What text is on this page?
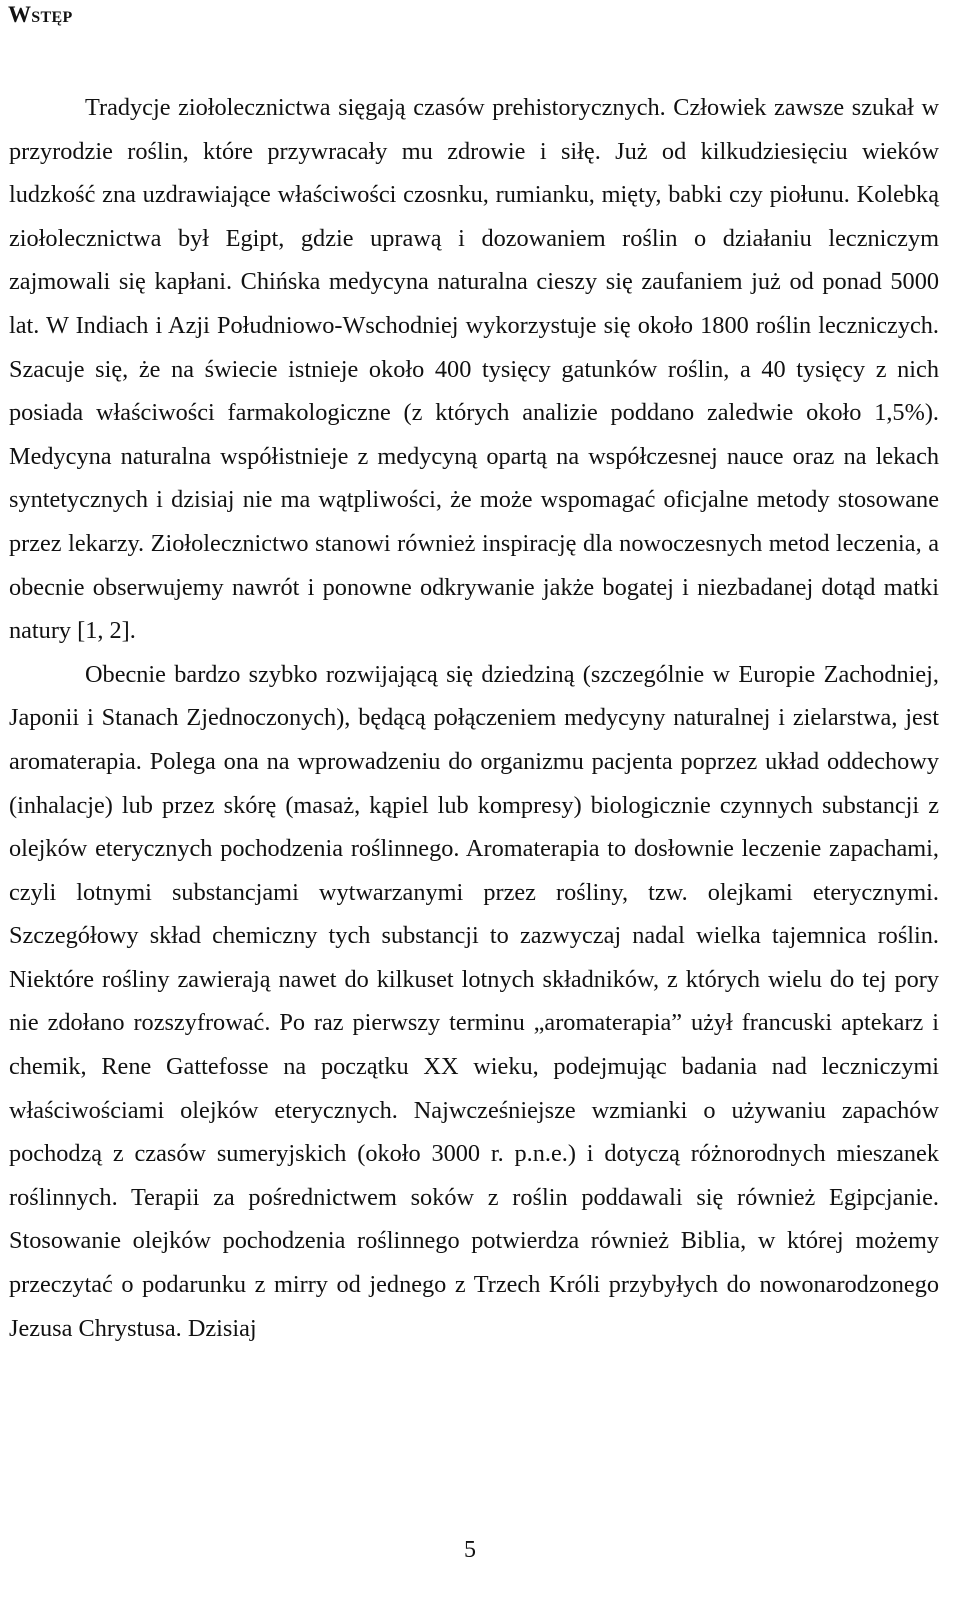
Wstęp

Tradycje ziołolecznictwa sięgają czasów prehistorycznych. Człowiek zawsze szukał w przyrodzie roślin, które przywracały mu zdrowie i siłę. Już od kilkudziesięciu wieków ludzkość zna uzdrawiające właściwości czosnku, rumianku, mięty, babki czy piołunu. Kolebką ziołolecznictwa był Egipt, gdzie uprawą i dozowaniem roślin o działaniu leczniczym zajmowali się kapłani. Chińska medycyna naturalna cieszy się zaufaniem już od ponad 5000 lat. W Indiach i Azji Południowo-Wschodniej wykorzystuje się około 1800 roślin leczniczych. Szacuje się, że na świecie istnieje około 400 tysięcy gatunków roślin, a 40 tysięcy z nich posiada właściwości farmakologiczne (z których analizie poddano zaledwie około 1,5%). Medycyna naturalna współistnieje z medycyną opartą na współczesnej nauce oraz na lekach syntetycznych i dzisiaj nie ma wątpliwości, że może wspomagać oficjalne metody stosowane przez lekarzy. Ziołolecznictwo stanowi również inspirację dla nowoczesnych metod leczenia, a obecnie obserwujemy nawrót i ponowne odkrywanie jakże bogatej i niezbadanej dotąd matki natury [1, 2].

Obecnie bardzo szybko rozwijającą się dziedziną (szczególnie w Europie Zachodniej, Japonii i Stanach Zjednoczonych), będącą połączeniem medycyny naturalnej i zielarstwa, jest aromaterapia. Polega ona na wprowadzeniu do organizmu pacjenta poprzez układ oddechowy (inhalacje) lub przez skórę (masaż, kąpiel lub kompresy) biologicznie czynnych substancji z olejków eterycznych pochodzenia roślinnego. Aromaterapia to dosłownie leczenie zapachami, czyli lotnymi substancjami wytwarzanymi przez rośliny, tzw. olejkami eterycznymi. Szczegółowy skład chemiczny tych substancji to zazwyczaj nadal wielka tajemnica roślin. Niektóre rośliny zawierają nawet do kilkuset lotnych składników, z których wielu do tej pory nie zdołano rozszyfrować. Po raz pierwszy terminu „aromaterapia” użył francuski aptekarz i chemik, Rene Gattefosse na początku XX wieku, podejmując badania nad leczniczymi właściwościami olejków eterycznych. Najwcześniejsze wzmianki o używaniu zapachów pochodzą z czasów sumeryjskich (około 3000 r. p.n.e.) i dotyczą różnorodnych mieszanek roślinnych. Terapii za pośrednictwem soków z roślin poddawali się również Egipcjanie. Stosowanie olejków pochodzenia roślinnego potwierdza również Biblia, w której możemy przeczytać o podarunku z mirry od jednego z Trzech Króli przybyłych do nowonarodzonego Jezusa Chrystusa. Dzisiaj

5
